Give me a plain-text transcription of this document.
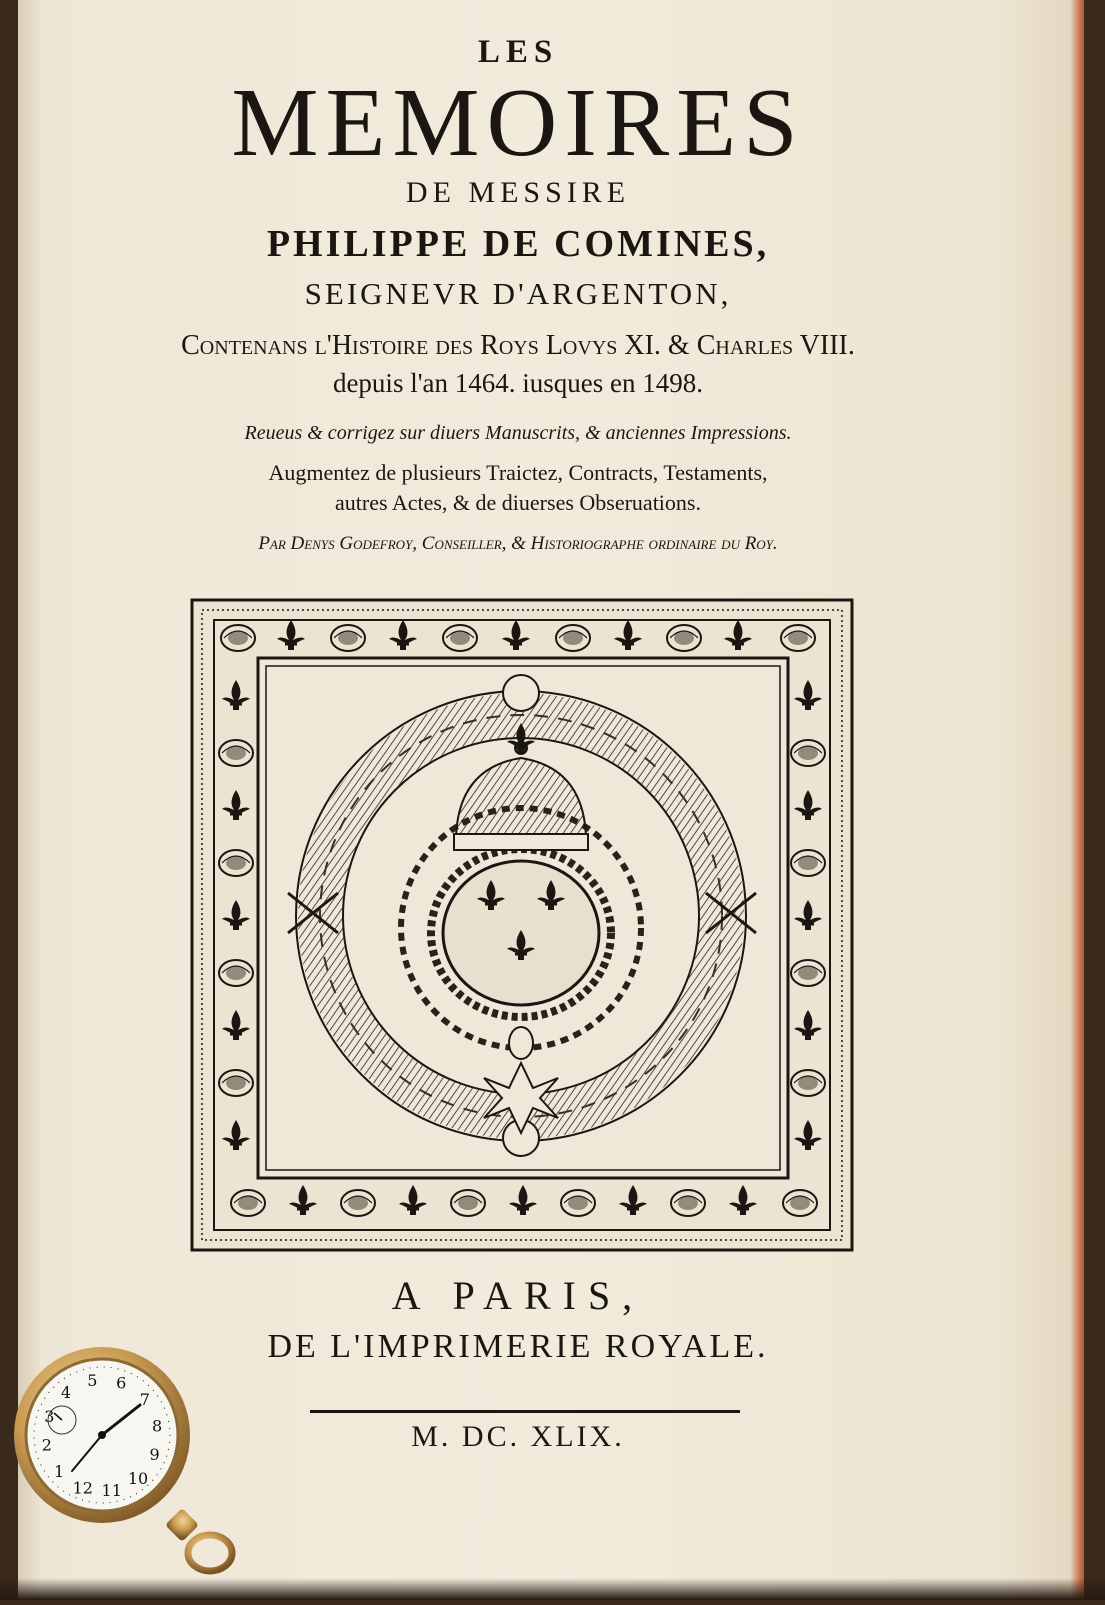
LES

MEMOIRES

DE MESSIRE

PHILIPPE DE COMINES,

SEIGNEVR D'ARGENTON,

Contenans l'Histoire des Roys Lovys XI. & Charles VIII.

depuis l'an 1464. iusques en 1498.

Reueus & corrigez sur diuers Manuscrits, & anciennes Impressions.

Augmentez de plusieurs Traictez, Contracts, Testaments,

autres Actes, & de diuerses Obseruations.

Par Denys Godefroy, Conseiller, & Historiographe ordinaire du Roy.

A PARIS,

DE L'IMPRIMERIE ROYALE.

M. DC. XLIX.

12
1
2
3
4
5 6
7
8
9
10
11
